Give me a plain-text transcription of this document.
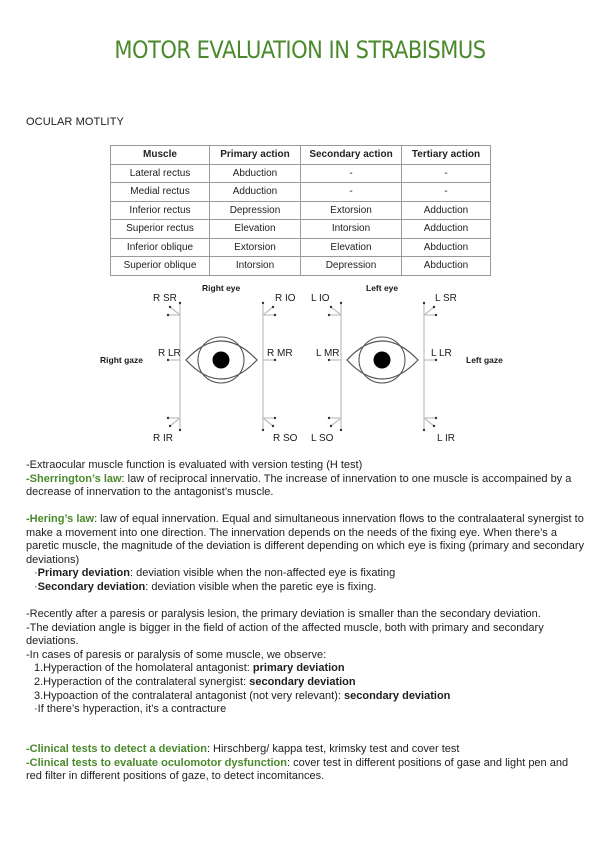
MOTOR EVALUATION IN STRABISMUS
OCULAR MOTLITY
Muscle	Primary action	Secondary action	Tertiary action
Lateral rectus	Abduction	-	-
Medial rectus	Adduction	-	-
Inferior rectus	Depression	Extorsion	Adduction
Superior rectus	Elevation	Intorsion	Adduction
Inferior oblique	Extorsion	Elevation	Abduction
Superior oblique	Intorsion	Depression	Abduction
Right eye	Left eye
Right gaze	Left gaze
R SR
R LR
R IR
R IO
R MR
R SO
L IO
L MR
L SO
L SR
L LR
L IR
-Extraocular muscle function is evaluated with version testing (H test)
-Sherrington’s law: law of reciprocal innervatio. The increase of innervation to one muscle is accompained by a decrease of innervation to the antagonist’s muscle.
-Hering’s law: law of equal innervation. Equal and simultaneous innervation flows to the contralaateral synergist to make a movement into one direction. The innervation depends on the needs of the fixing eye. When there’s a paretic muscle, the magnitude of the deviation is different depending on which eye is fixing (primary and secondary deviations)
·Primary deviation: deviation visible when the non-affected eye is fixating
·Secondary deviation: deviation visible when the paretic eye is fixing.
-Recently after a paresis or paralysis lesion, the primary deviation is smaller than the secondary deviation.
-The deviation angle is bigger in the field of action of the affected muscle, both with primary and secondary deviations.
-In cases of paresis or paralysis of some muscle, we observe:
1.Hyperaction of the homolateral antagonist: primary deviation
2.Hyperaction of the contralateral synergist: secondary deviation
3.Hypoaction of the contralateral antagonist (not very relevant): secondary deviation
·If there’s hyperaction, it’s a contracture
-Clinical tests to detect a deviation: Hirschberg/ kappa test, krimsky test and cover test
-Clinical tests to evaluate oculomotor dysfunction: cover test in different positions of gase and light pen and red filter in different positions of gaze, to detect incomitances.
